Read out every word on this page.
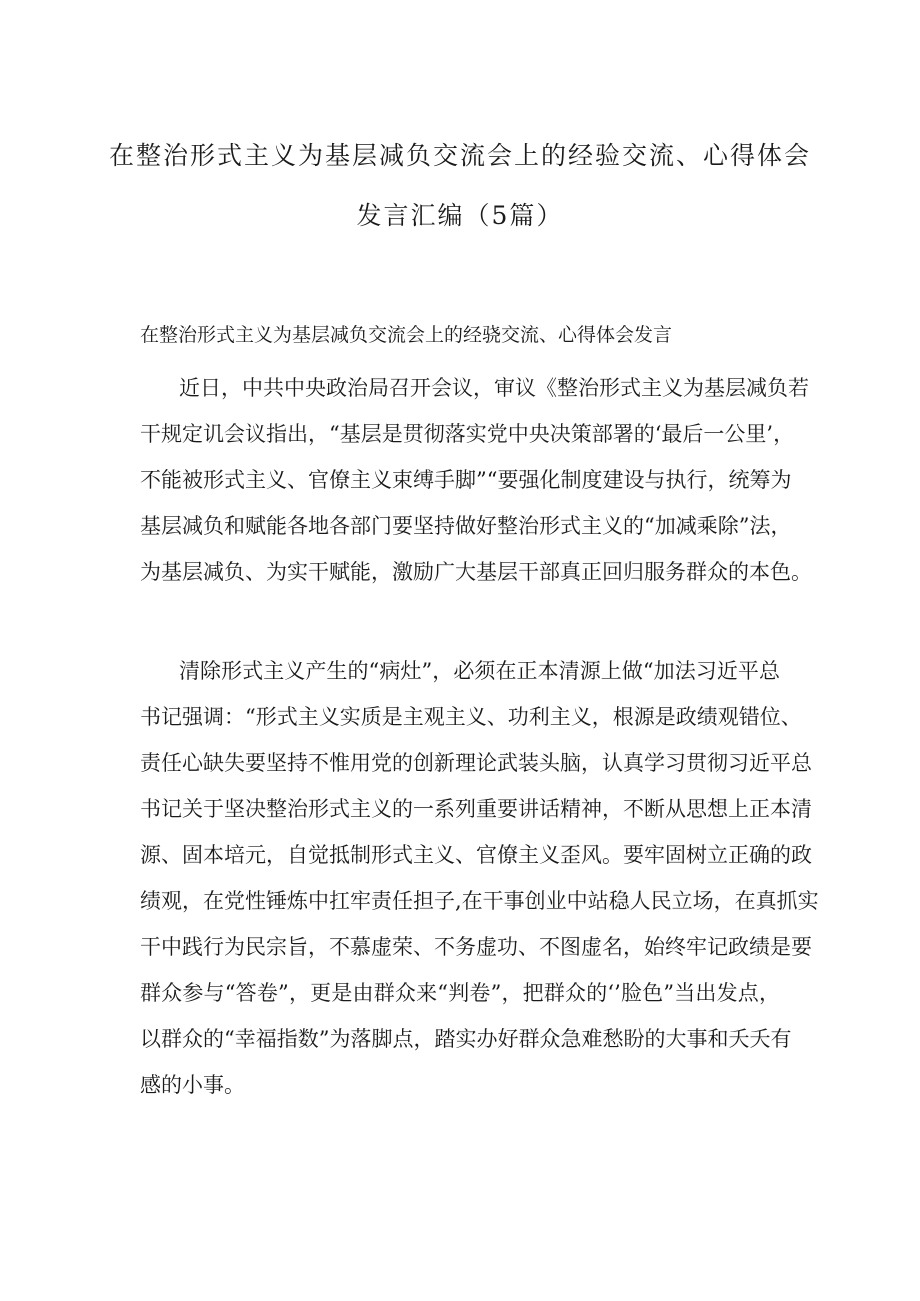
在整治形式主义为基层减负交流会上的经验交流、心得体会
发言汇编（5篇）
在整治形式主义为基层减负交流会上的经骁交流、心得体会发言
近日，中共中央政治局召开会议，审议《整治形式主义为基层减负若
干规定讥会议指出，“基层是贯彻落实党中央决策部署的‘最后一公里’，
不能被形式主义、官僚主义束缚手脚”“要强化制度建设与执行，统筹为
基层减负和赋能各地各部门要坚持做好整治形式主义的“加减乘除”法，
为基层减负、为实干赋能，激励广大基层干部真正回归服务群众的本色。
清除形式主义产生的“病灶”，必须在正本清源上做“加法习近平总
书记强调：“形式主义实质是主观主义、功利主义，根源是政绩观错位、
责任心缺失要坚持不惟用党的创新理论武装头脑，认真学习贯彻习近平总
书记关于坚决整治形式主义的一系列重要讲话精神，不断从思想上正本清
源、固本培元，自觉抵制形式主义、官僚主义歪风。要牢固树立正确的政
绩观，在党性锤炼中扛牢责任担子,在干事创业中站稳人民立场，在真抓实
干中践行为民宗旨，不慕虚荣、不务虚功、不图虚名，始终牢记政绩是要
群众参与“答卷”，更是由群众来“判卷”，把群众的‘’脸色”当出发点，
以群众的“幸福指数”为落脚点，踏实办好群众急难愁盼的大事和夭夭有
感的小事。
